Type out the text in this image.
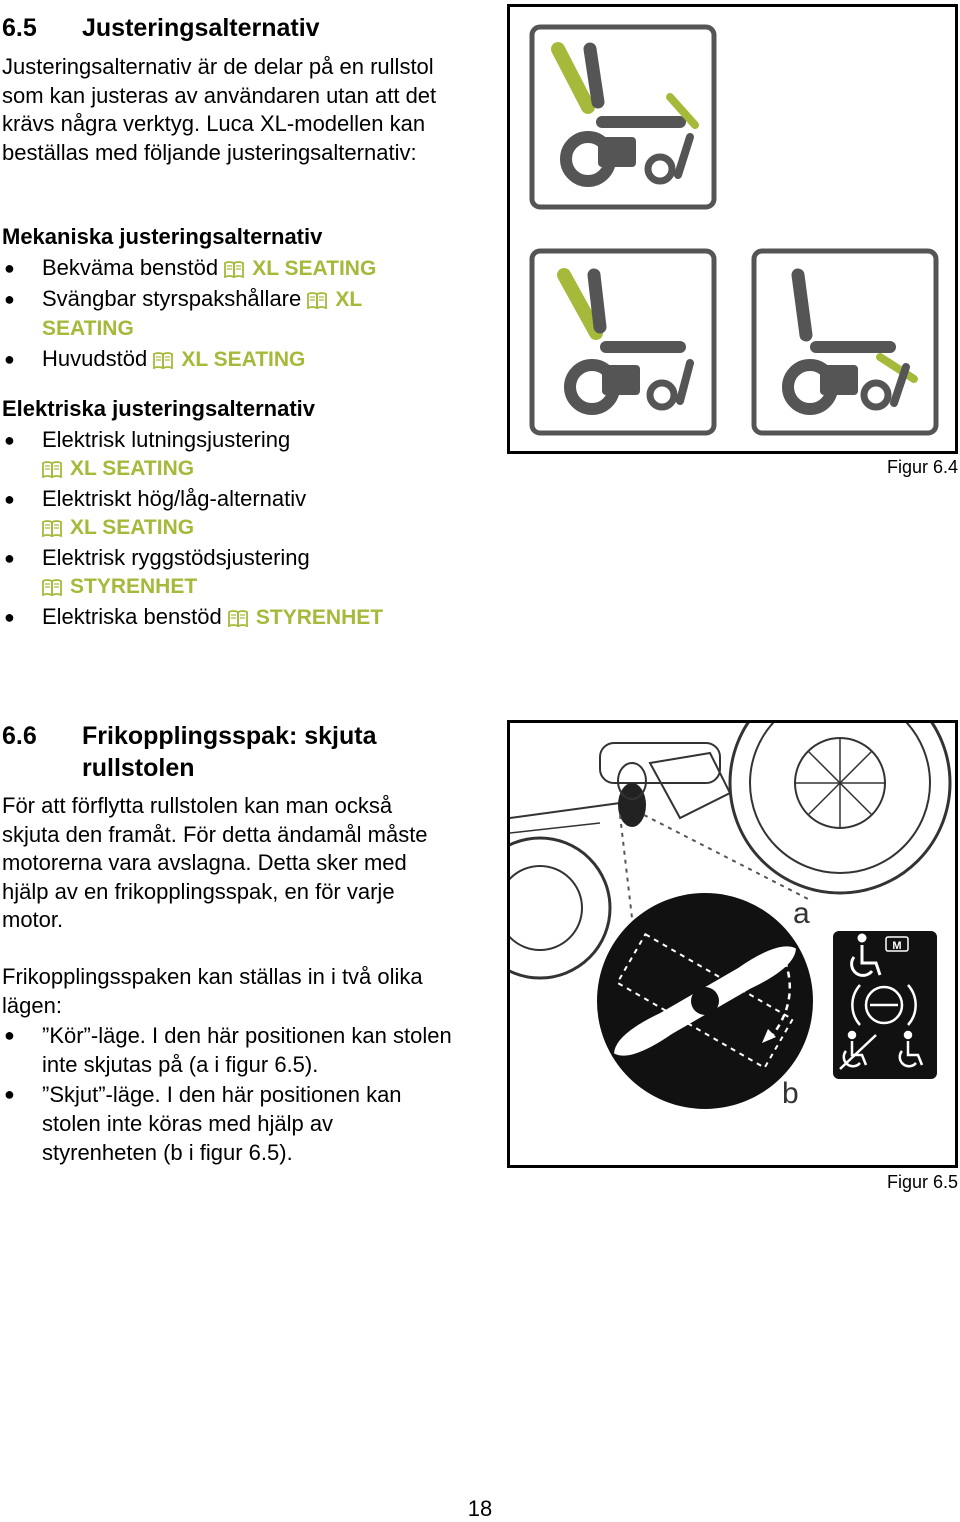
6.5 Justeringsalternativ
Justeringsalternativ är de delar på en rullstol som kan justeras av användaren utan att det krävs några verktyg. Luca XL-modellen kan beställas med följande justeringsalternativ:
Mekaniska justeringsalternativ
● Bekväma benstöd XL SEATING
● Svängbar styrspakshållare XL SEATING
● Huvudstöd XL SEATING
Elektriska justeringsalternativ
● Elektrisk lutningsjustering
XL SEATING
● Elektriskt hög/låg-alternativ
XL SEATING
● Elektrisk ryggstödsjustering
STYRENHET
● Elektriska benstöd STYRENHET
Figur 6.4
6.6 Frikopplingsspak: skjuta rullstolen
För att förflytta rullstolen kan man också skjuta den framåt. För detta ändamål måste motorerna vara avslagna. Detta sker med hjälp av en frikopplingsspak, en för varje motor.
Frikopplingsspaken kan ställas in i två olika lägen:
● ”Kör”-läge. I den här positionen kan stolen inte skjutas på (a i figur 6.5).
● ”Skjut”-läge. I den här positionen kan stolen inte köras med hjälp av styrenheten (b i figur 6.5).
a
b
M
Figur 6.5
18
